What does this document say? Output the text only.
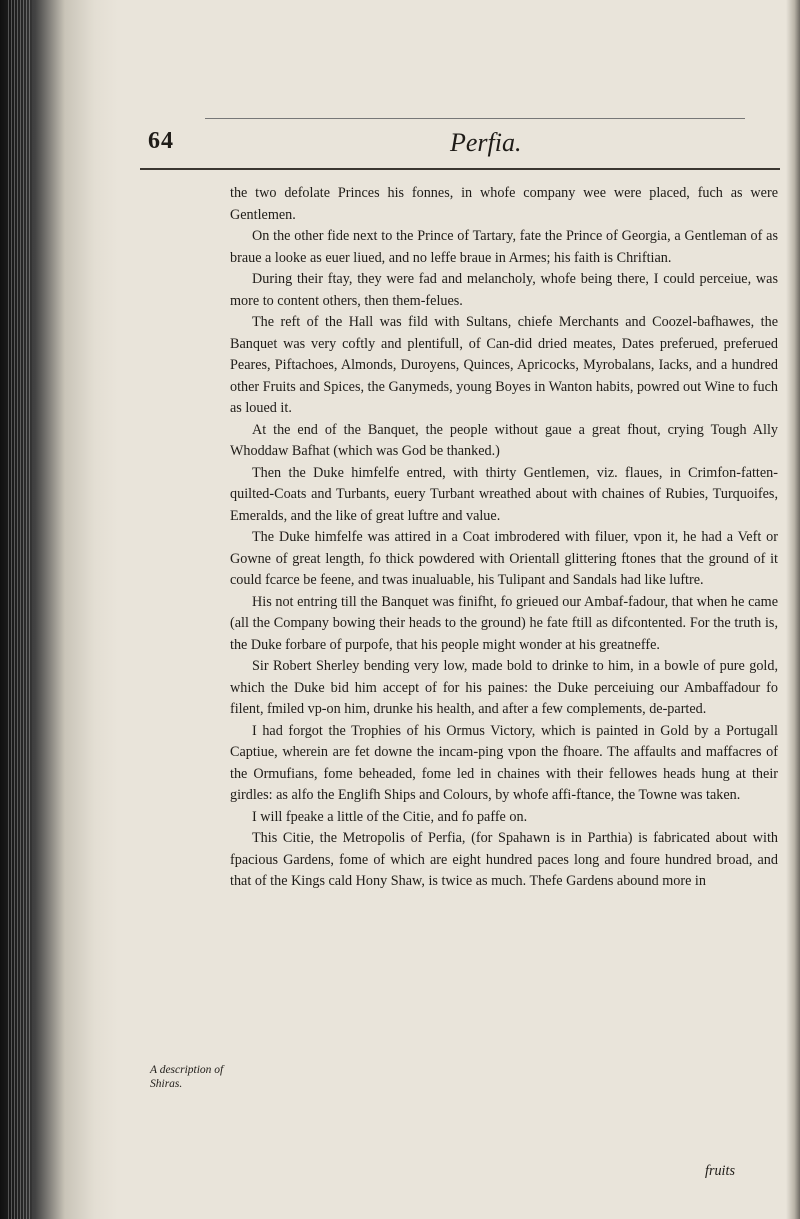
64	Perfia.

the two defolate Princes his fonnes, in whofe company wee were placed, fuch as were Gentlemen.

On the other fide next to the Prince of Tartary, fate the Prince of Georgia, a Gentleman of as braue a looke as euer liued, and no leffe braue in Armes; his faith is Chriftian.

During their ftay, they were fad and melancholy, whofe being there, I could perceiue, was more to content others, then them-felues.

The reft of the Hall was fild with Sultans, chiefe Merchants and Coozel-bafhawes, the Banquet was very coftly and plentifull, of Can-did dried meates, Dates preferued, preferued Peares, Piftachoes, Almonds, Duroyens, Quinces, Apricocks, Myrobalans, Iacks, and a hundred other Fruits and Spices, the Ganymeds, young Boyes in Wanton habits, powred out Wine to fuch as loued it.

At the end of the Banquet, the people without gaue a great fhout, crying Tough Ally Whoddaw Bafhat (which was God be thanked.)

Then the Duke himfelfe entred, with thirty Gentlemen, viz. flaues, in Crimfon-fatten-quilted-Coats and Turbants, euery Turbant wreathed about with chaines of Rubies, Turquoifes, Emeralds, and the like of great luftre and value.

The Duke himfelfe was attired in a Coat imbrodered with filuer, vpon it, he had a Veft or Gowne of great length, fo thick powdered with Orientall glittering ftones that the ground of it could fcarce be feene, and twas inualuable, his Tulipant and Sandals had like luftre.

His not entring till the Banquet was finifht, fo grieued our Ambaf-fadour, that when he came (all the Company bowing their heads to the ground) he fate ftill as difcontented. For the truth is, the Duke forbare of purpofe, that his people might wonder at his greatneffe.

Sir Robert Sherley bending very low, made bold to drinke to him, in a bowle of pure gold, which the Duke bid him accept of for his paines: the Duke perceiuing our Ambaffadour fo filent, fmiled vp-on him, drunke his health, and after a few complements, de-parted.

I had forgot the Trophies of his Ormus Victory, which is painted in Gold by a Portugall Captiue, wherein are fet downe the incam-ping vpon the fhoare. The affaults and maffacres of the Ormufians, fome beheaded, fome led in chaines with their fellowes heads hung at their girdles: as alfo the Englifh Ships and Colours, by whofe affi-ftance, the Towne was taken.

I will fpeake a little of the Citie, and fo paffe on.

This Citie, the Metropolis of Perfia, (for Spahawn is in Parthia) is fabricated about with fpacious Gardens, fome of which are eight hundred paces long and foure hundred broad, and that of the Kings cald Hony Shaw, is twice as much. Thefe Gardens abound more in

A description of Shiras.
fruits
